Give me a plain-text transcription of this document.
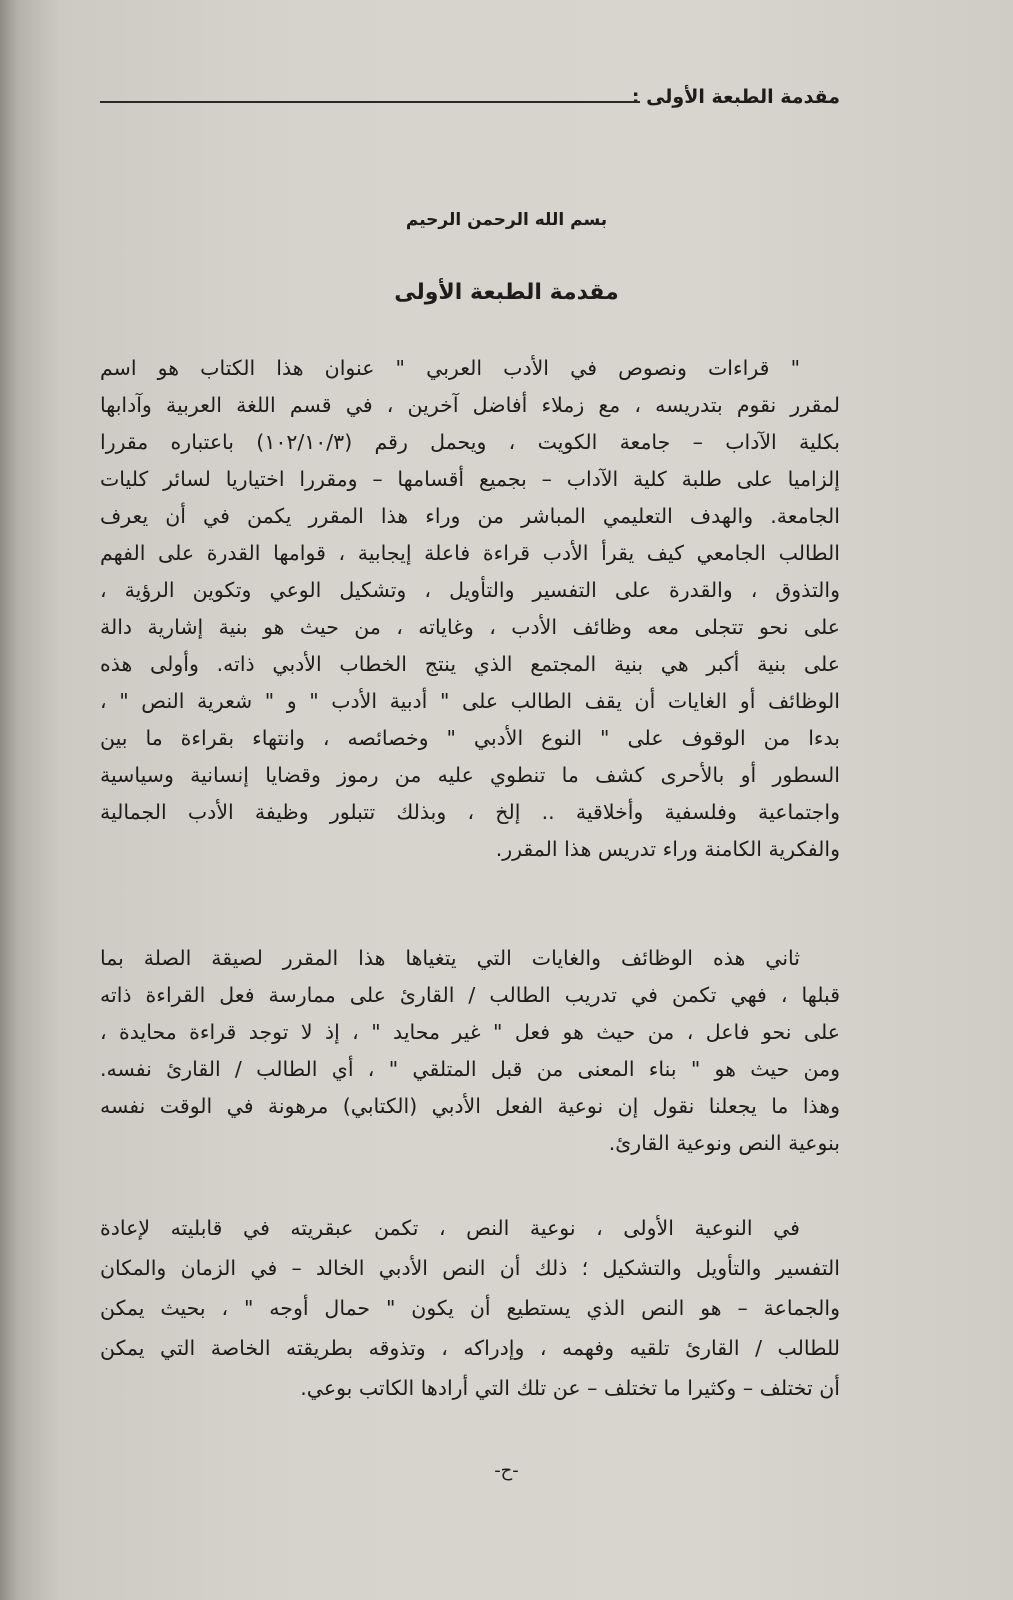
مقدمة الطبعة الأولى :
بسم الله الرحمن الرحيم
مقدمة الطبعة الأولى
" قراءات ونصوص في الأدب العربي " عنوان هذا الكتاب هو اسم
لمقرر نقوم بتدريسه ، مع زملاء أفاضل آخرين ، في قسم اللغة العربية وآدابها
بكلية الآداب – جامعة الكويت ، ويحمل رقم (١٠٢/١٠/٣) باعتباره مقررا
إلزاميا على طلبة كلية الآداب – بجميع أقسامها – ومقررا اختياريا لسائر كليات
الجامعة. والهدف التعليمي المباشر من وراء هذا المقرر يكمن في أن يعرف
الطالب الجامعي كيف يقرأ الأدب قراءة فاعلة إيجابية ، قوامها القدرة على الفهم
والتذوق ، والقدرة على التفسير والتأويل ، وتشكيل الوعي وتكوين الرؤية ،
على نحو تتجلى معه وظائف الأدب ، وغاياته ، من حيث هو بنية إشارية دالة
على بنية أكبر هي بنية المجتمع الذي ينتج الخطاب الأدبي ذاته. وأولى هذه
الوظائف أو الغايات أن يقف الطالب على " أدبية الأدب " و " شعرية النص " ،
بدءا من الوقوف على " النوع الأدبي " وخصائصه ، وانتهاء بقراءة ما بين
السطور أو بالأحرى كشف ما تنطوي عليه من رموز وقضايا إنسانية وسياسية
واجتماعية وفلسفية وأخلاقية .. إلخ ، وبذلك تتبلور وظيفة الأدب الجمالية
والفكرية الكامنة وراء تدريس هذا المقرر.
ثاني هذه الوظائف والغايات التي يتغياها هذا المقرر لصيقة الصلة بما
قبلها ، فهي تكمن في تدريب الطالب / القارئ على ممارسة فعل القراءة ذاته
على نحو فاعل ، من حيث هو فعل " غير محايد " ، إذ لا توجد قراءة محايدة ،
ومن حيث هو " بناء المعنى من قبل المتلقي " ، أي الطالب / القارئ نفسه.
وهذا ما يجعلنا نقول إن نوعية الفعل الأدبي (الكتابي) مرهونة في الوقت نفسه
بنوعية النص ونوعية القارئ.
في النوعية الأولى ، نوعية النص ، تكمن عبقريته في قابليته لإعادة
التفسير والتأويل والتشكيل ؛ ذلك أن النص الأدبي الخالد – في الزمان والمكان
والجماعة – هو النص الذي يستطيع أن يكون " حمال أوجه " ، بحيث يمكن
للطالب / القارئ تلقيه وفهمه ، وإدراكه ، وتذوقه بطريقته الخاصة التي يمكن
أن تختلف – وكثيرا ما تختلف – عن تلك التي أرادها الكاتب بوعي.
-ح-
